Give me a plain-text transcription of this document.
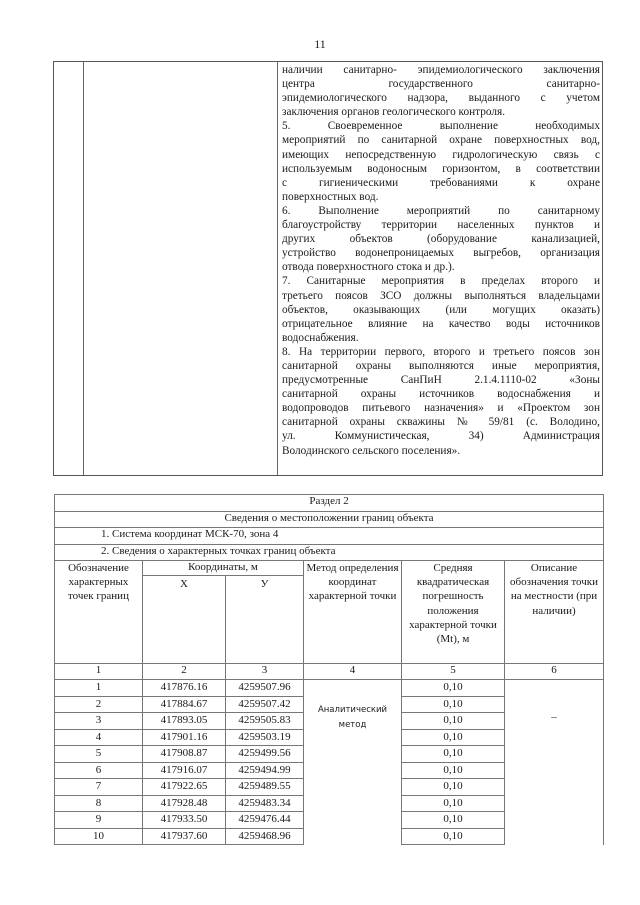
11

наличии санитарно- эпидемиологического заключения

центра государственного санитарно-

эпидемиологического надзора, выданного с учетом

заключения органов геологического контроля.

5. Своевременное выполнение необходимых

мероприятий по санитарной охране поверхностных вод,

имеющих непосредственную гидрологическую связь с

используемым водоносным горизонтом, в соответствии

с гигиеническими требованиями к охране

поверхностных вод.

6. Выполнение мероприятий по санитарному

благоустройству территории населенных пунктов и

других объектов (оборудование канализацией,

устройство водонепроницаемых выгребов, организация

отвода поверхностного стока и др.).

7. Санитарные мероприятия в пределах второго и

третьего поясов ЗСО должны выполняться владельцами

объектов, оказывающих (или могущих оказать)

отрицательное влияние на качество воды источников

водоснабжения.

8. На территории первого, второго и третьего поясов зон

санитарной охраны выполняются иные мероприятия,

предусмотренные СанПиН 2.1.4.1110-02 «Зоны

санитарной охраны источников водоснабжения и

водопроводов питьевого назначения» и «Проектом зон

санитарной охраны скважины № 59/81 (с. Володино,

ул. Коммунистическая, 34) Администрация

Володинского сельского поселения».

Раздел 2					
Сведения о местоположении границ объекта					
1. Система координат МСК-70, зона 4					
2. Сведения о характерных точках границ объекта					
Обозначение характерных точек границ	Координаты, м		Метод определения координат характерной точки	Средняя квадратическая погрешность положения характерной точки (Mt), м	Описание обозначения точки на местности (при наличии)
	Х	У			
1	2	3	4	5	6
1	417876.16	4259507.96	Аналитический метод	0,10	–
2	417884.67	4259507.42		0,10	
3	417893.05	4259505.83		0,10	
4	417901.16	4259503.19		0,10	
5	417908.87	4259499.56		0,10	
6	417916.07	4259494.99		0,10	
7	417922.65	4259489.55		0,10	
8	417928.48	4259483.34		0,10	
9	417933.50	4259476.44		0,10	
10	417937.60	4259468.96		0,10	
